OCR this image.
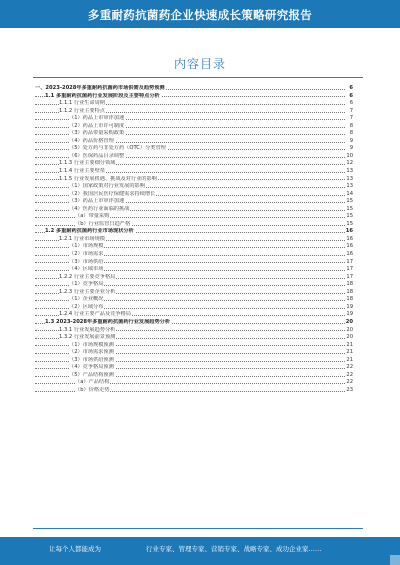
多重耐药抗菌药企业快速成长策略研究报告
内容目录
一、2023-2028年多重耐药抗菌药市场供需及趋势预测	6
1.1 多重耐药抗菌药行业发展阶段及主要特点分析	6
1.1.1 行业生命周期	6
1.1.2 行业主要特点	7
（1）药品上市审评加速	7
（2）药品上市许可制度	8
（3）药品带量采购政策	8
（4）药品价格管理	9
（5）处方药与非处方药（OTC）分类管理	9
（6）医保药品目录调整	10
1.1.3 行业主要细分领域	12
1.1.4 行业主要壁垒	13
1.1.5 行业发展机遇、挑战及对行业的影响	13
（1）国家政策对行业发展的影响	13
（2）我国居民医疗保健需求持续增长	14
（3）药品上市审评加速	15
（4）医药行业面临的挑战	15
（a）带量采购	15
（b）行业监管日趋严格	15
1.2 多重耐药抗菌药行业市场现状分析	16
1.2.1 行业市场规模	16
（1）市场规模	16
（2）市场需求	16
（3）市场供给	17
（4）区域市场	17
1.2.2 行业主要竞争格局	17
（1）竞争格局	18
1.2.3 行业主要企业分析	18
（1）企业概况	18
（2）区域分布	19
1.2.4 行业主要产品及竞争格局	19
1.3 2023-2028年多重耐药抗菌药行业发展趋势分析	20
1.3.1 行业发展趋势分析	20
1.3.2 行业发展前景预测	20
（1）市场规模预测	21
（2）市场需求预测	21
（3）市场供给预测	21
（4）竞争格局预测	22
（5）产品结构预测	22
（a）产品结构	22
（b）价格走势	23
让每个人都能成为	行业专家、管理专家、营销专家、战略专家、成功企业家……
